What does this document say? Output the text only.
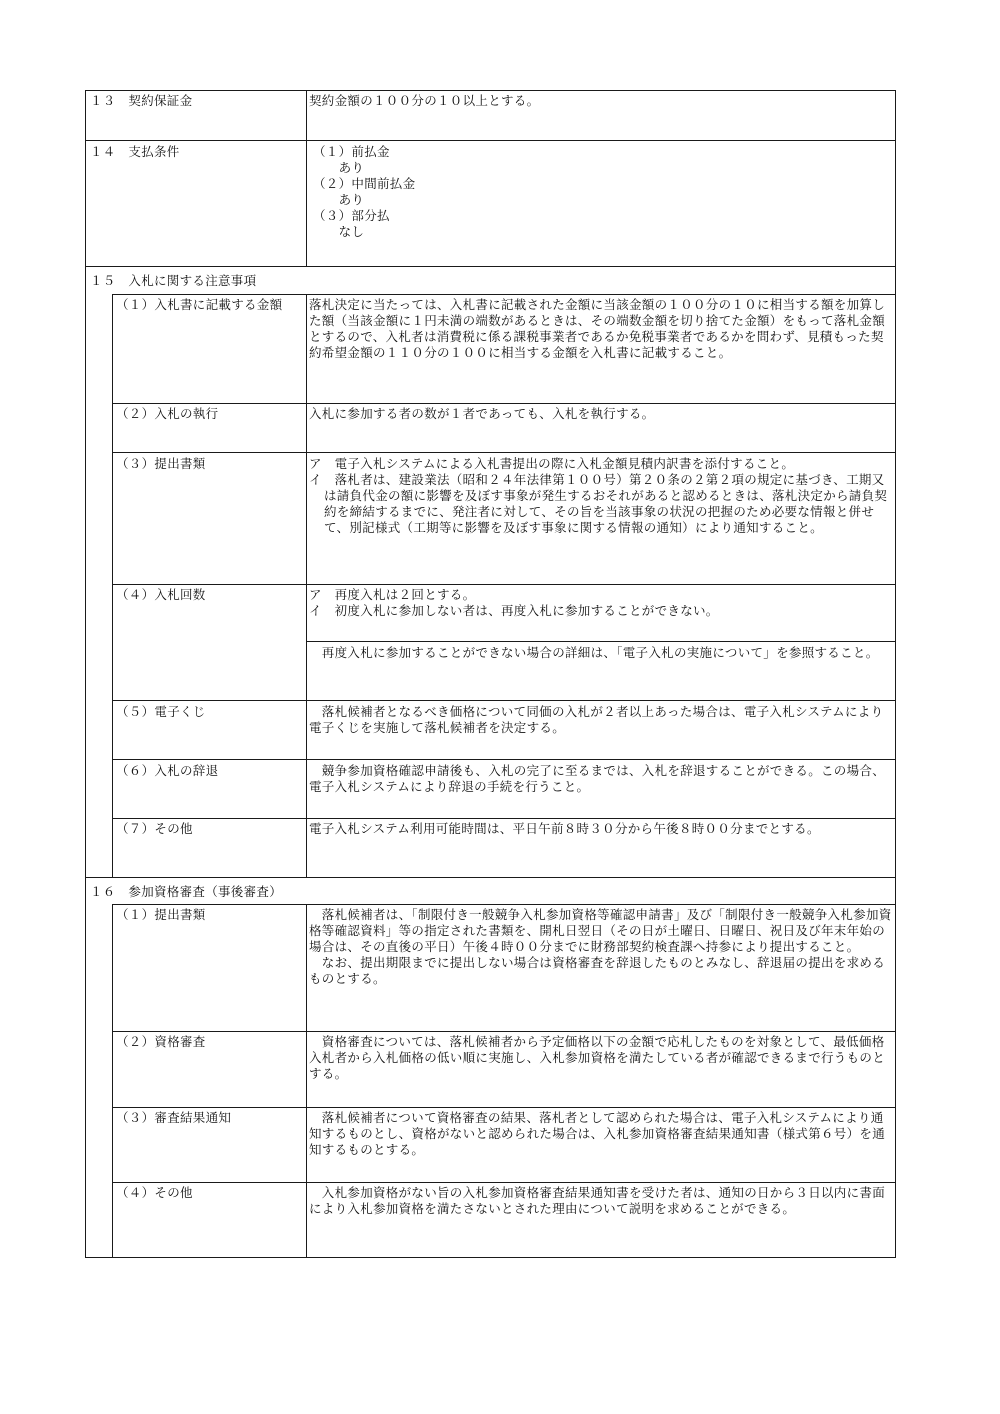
１３　契約保証金	契約金額の１００分の１０以上とする。
１４　支払条件	（１）前払金
　　あり
（２）中間前払金
　　あり
（３）部分払
　　なし
１５　入札に関する注意事項
（１）入札書に記載する金額	落札決定に当たっては、入札書に記載された金額に当該金額の１００分の１０に相当する額を加算した額（当該金額に１円未満の端数があるときは、その端数金額を切り捨てた金額）をもって落札金額とするので、入札者は消費税に係る課税事業者であるか免税事業者であるかを問わず、見積もった契約希望金額の１１０分の１００に相当する金額を入札書に記載すること。
（２）入札の執行	入札に参加する者の数が１者であっても、入札を執行する。
（３）提出書類	ア　電子入札システムによる入札書提出の際に入札金額見積内訳書を添付すること。
イ　落札者は、建設業法（昭和２４年法律第１００号）第２０条の２第２項の規定に基づき、工期又は請負代金の額に影響を及ぼす事象が発生するおそれがあると認めるときは、落札決定から請負契約を締結するまでに、発注者に対して、その旨を当該事象の状況の把握のため必要な情報と併せて、別記様式（工期等に影響を及ぼす事象に関する情報の通知）により通知すること。
（４）入札回数	ア　再度入札は２回とする。
イ　初度入札に参加しない者は、再度入札に参加することができない。
　再度入札に参加することができない場合の詳細は、「電子入札の実施について」を参照すること。
（５）電子くじ	　落札候補者となるべき価格について同価の入札が２者以上あった場合は、電子入札システムにより電子くじを実施して落札候補者を決定する。
（６）入札の辞退	　競争参加資格確認申請後も、入札の完了に至るまでは、入札を辞退することができる。この場合、電子入札システムにより辞退の手続を行うこと。
（７）その他	電子入札システム利用可能時間は、平日午前８時３０分から午後８時００分までとする。
１６　参加資格審査（事後審査）
（１）提出書類	　落札候補者は、「制限付き一般競争入札参加資格等確認申請書」及び「制限付き一般競争入札参加資格等確認資料」等の指定された書類を、開札日翌日（その日が土曜日、日曜日、祝日及び年末年始の場合は、その直後の平日）午後４時００分までに財務部契約検査課へ持参により提出すること。
　なお、提出期限までに提出しない場合は資格審査を辞退したものとみなし、辞退届の提出を求めるものとする。
（２）資格審査	　資格審査については、落札候補者から予定価格以下の金額で応札したものを対象として、最低価格入札者から入札価格の低い順に実施し、入札参加資格を満たしている者が確認できるまで行うものとする。
（３）審査結果通知	　落札候補者について資格審査の結果、落札者として認められた場合は、電子入札システムにより通知するものとし、資格がないと認められた場合は、入札参加資格審査結果通知書（様式第６号）を通知するものとする。
（４）その他	　入札参加資格がない旨の入札参加資格審査結果通知書を受けた者は、通知の日から３日以内に書面により入札参加資格を満たさないとされた理由について説明を求めることができる。
